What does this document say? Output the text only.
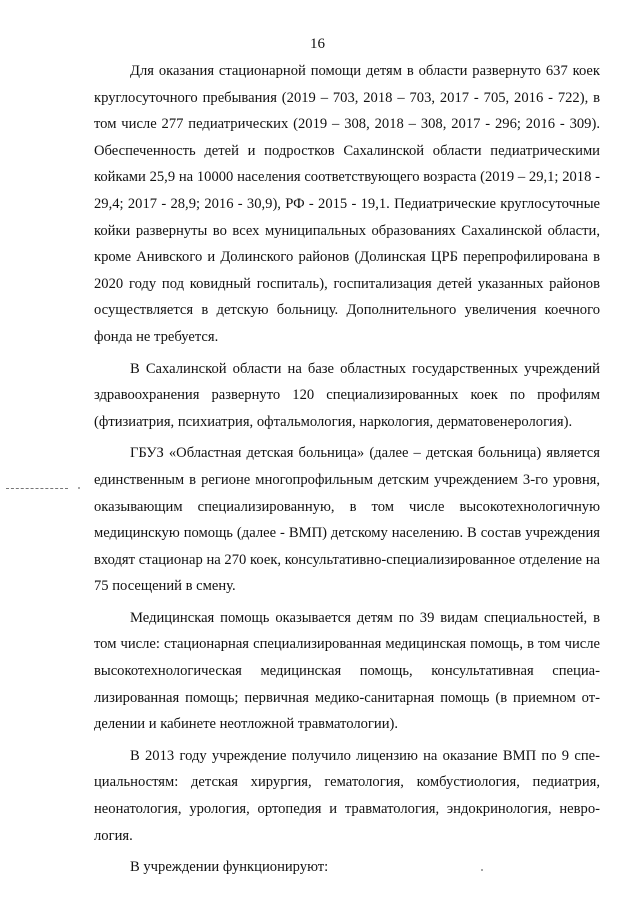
16

Для оказания стационарной помощи детям в области развернуто 637 коек круглосуточного пребывания (2019 – 703, 2018 – 703, 2017 - 705, 2016 - 722), в том числе 277 педиатрических (2019 – 308, 2018 – 308, 2017 - 296; 2016 - 309). Обеспеченность детей и подростков Сахалинской области педиатрическими койками 25,9 на 10000 населения соответствующего возраста (2019 – 29,1; 2018 - 29,4; 2017 - 28,9; 2016 - 30,9), РФ - 2015 - 19,1. Педиатрические круглосуточные койки развернуты во всех муниципальных образованиях Сахалинской области, кроме Анивского и Долинского районов (Долинская ЦРБ перепрофилирована в 2020 году под ковидный госпиталь), госпитализация детей указанных районов осуществляется в детскую больницу. Дополнительного увеличения коечного фонда не требуется.

В Сахалинской области на базе областных государственных учреждений здравоохранения развернуто 120 специализированных коек по профилям (фтизиатрия, психиатрия, офтальмология, наркология, дерматовенерология).

ГБУЗ «Областная детская больница» (далее – детская больница) является единственным в регионе многопрофильным детским учреждением 3-го уровня, оказывающим специализированную, в том числе высокотехнологичную медицинскую помощь (далее - ВМП) детскому населению. В состав учреждения входят стационар на 270 коек, консультативно-специализированное отделение на 75 посещений в смену.

Медицинская помощь оказывается детям по 39 видам специальностей, в том числе: стационарная специализированная медицинская помощь, в том числе высокотехнологическая медицинская помощь, консультативная специализированная помощь; первичная медико-санитарная помощь (в приемном отделении и кабинете неотложной травматологии).

В 2013 году учреждение получило лицензию на оказание ВМП по 9 специальностям: детская хирургия, гематология, комбустиология, педиатрия, неонатология, урология, ортопедия и травматология, эндокринология, неврология.

В учреждении функционируют:
